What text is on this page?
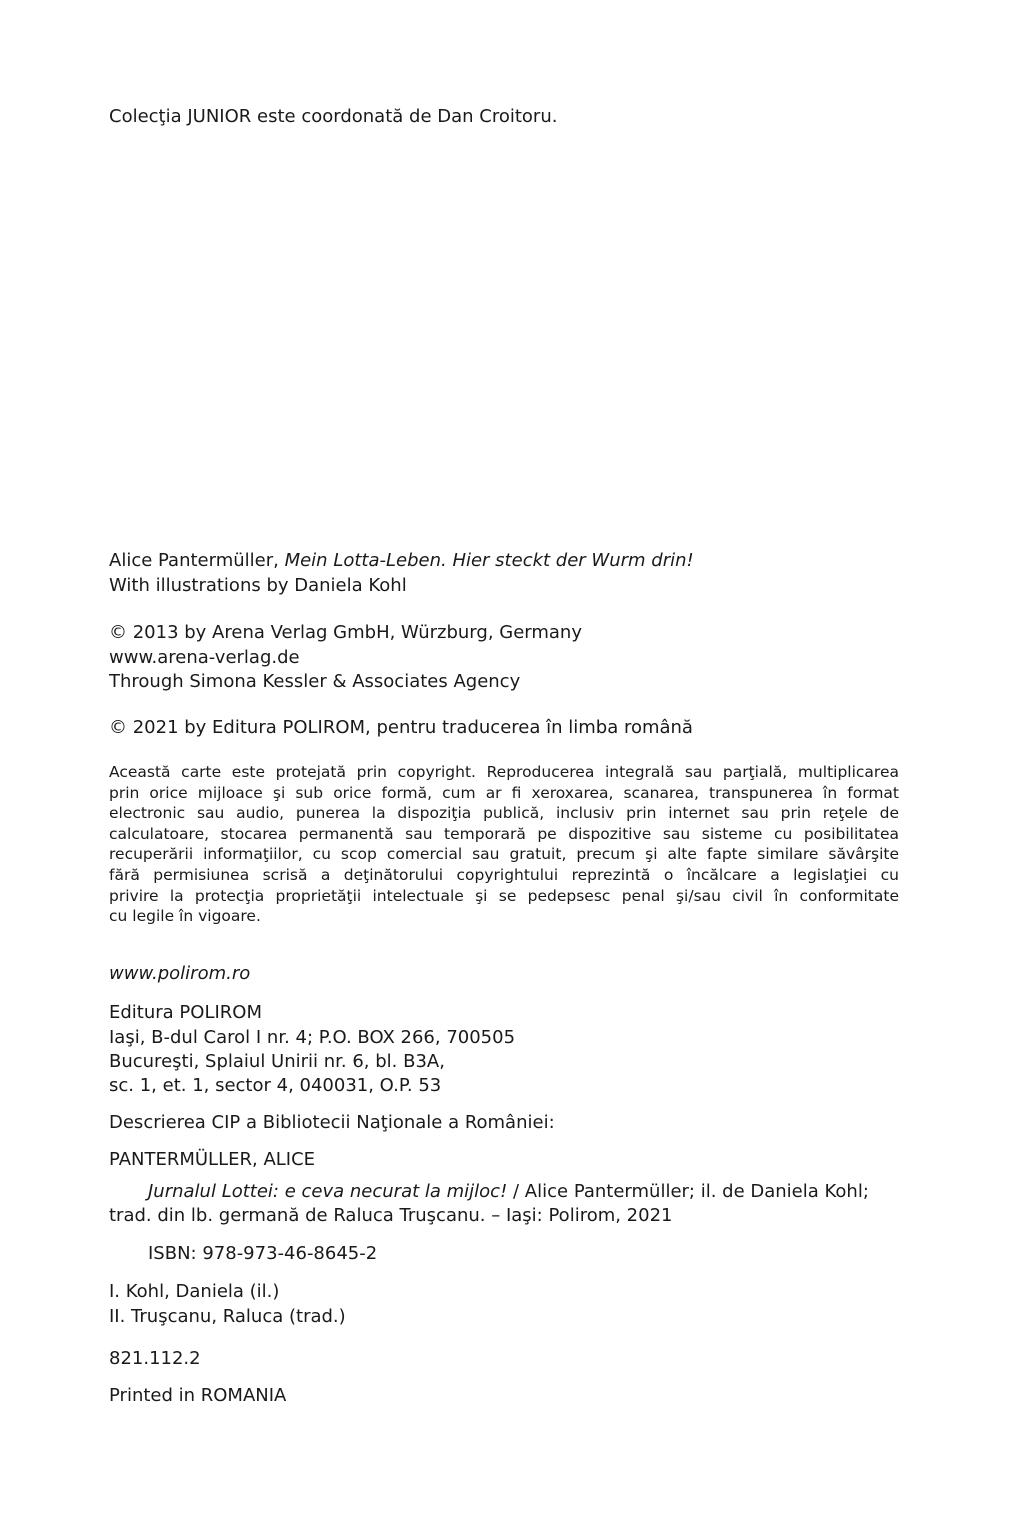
Colecţia JUNIOR este coordonată de Dan Croitoru.
Alice Pantermüller, Mein Lotta-Leben. Hier steckt der Wurm drin!
With illustrations by Daniela Kohl
© 2013 by Arena Verlag GmbH, Würzburg, Germany
www.arena-verlag.de
Through Simona Kessler & Associates Agency
© 2021 by Editura POLIROM, pentru traducerea în limba română
Această carte este protejată prin copyright. Reproducerea integrală sau parţială, multiplicarea
prin orice mijloace şi sub orice formă, cum ar fi xeroxarea, scanarea, transpunerea în format
electronic sau audio, punerea la dispoziţia publică, inclusiv prin internet sau prin reţele de
calculatoare, stocarea permanentă sau temporară pe dispozitive sau sisteme cu posibilitatea
recuperării informaţiilor, cu scop comercial sau gratuit, precum şi alte fapte similare săvârşite
fără permisiunea scrisă a deţinătorului copyrightului reprezintă o încălcare a legislaţiei cu
privire la protecţia proprietăţii intelectuale şi se pedepsesc penal şi/sau civil în conformitate
cu legile în vigoare.
www.polirom.ro
Editura POLIROM
Iaşi, B-dul Carol I nr. 4; P.O. BOX 266, 700505
Bucureşti, Splaiul Unirii nr. 6, bl. B3A,
sc. 1, et. 1, sector 4, 040031, O.P. 53
Descrierea CIP a Bibliotecii Naţionale a României:
PANTERMÜLLER, ALICE
Jurnalul Lottei: e ceva necurat la mijloc! / Alice Pantermüller; il. de Daniela Kohl;
trad. din lb. germană de Raluca Truşcanu. – Iaşi: Polirom, 2021
ISBN: 978-973-46-8645-2
I. Kohl, Daniela (il.)
II. Truşcanu, Raluca (trad.)
821.112.2
Printed in ROMANIA
